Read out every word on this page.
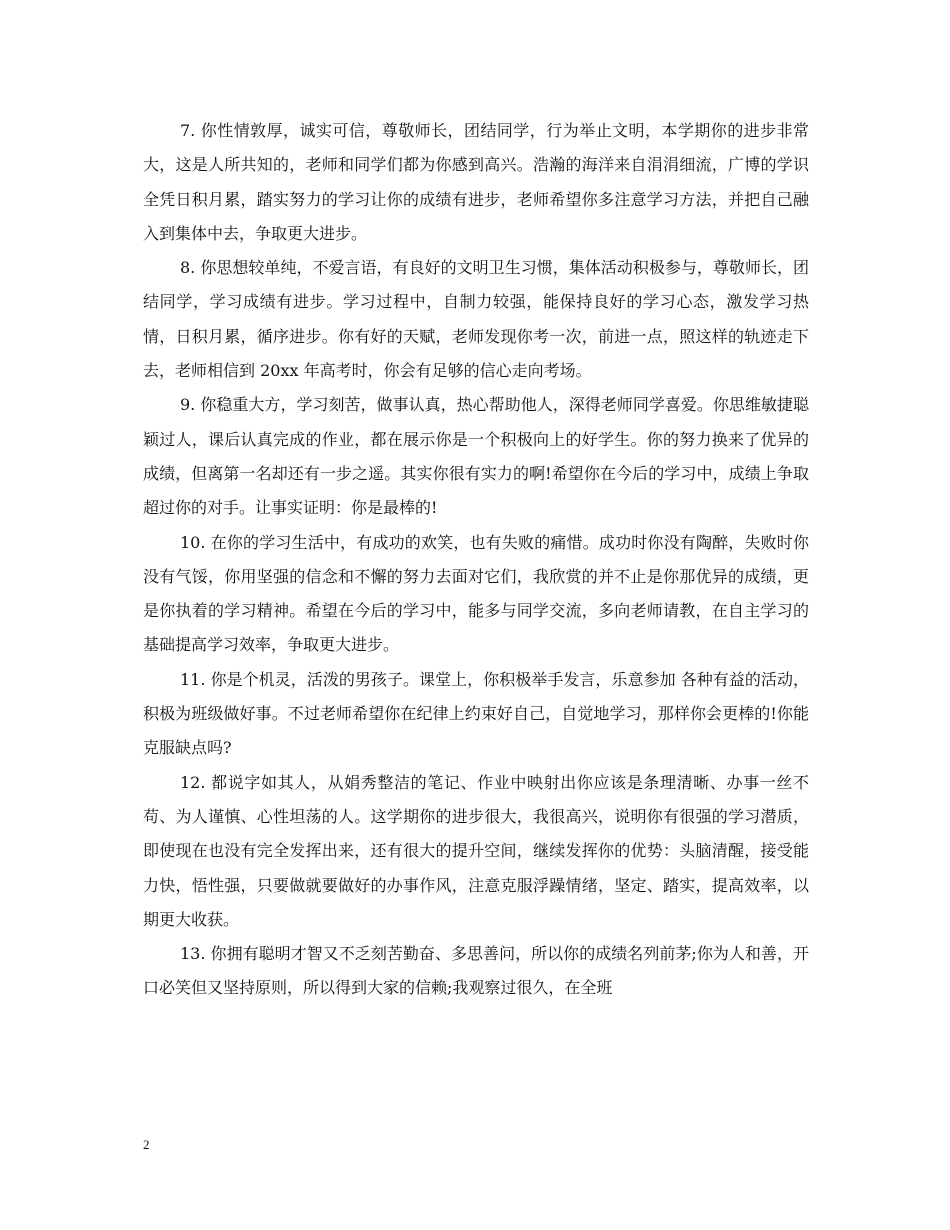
7. 你性情敦厚，诚实可信，尊敬师长，团结同学，行为举止文明，本学期你的进步非常大，这是人所共知的，老师和同学们都为你感到高兴。浩瀚的海洋来自涓涓细流，广博的学识全凭日积月累，踏实努力的学习让你的成绩有进步，老师希望你多注意学习方法，并把自己融入到集体中去，争取更大进步。

8. 你思想较单纯，不爱言语，有良好的文明卫生习惯，集体活动积极参与，尊敬师长，团结同学，学习成绩有进步。学习过程中，自制力较强，能保持良好的学习心态，激发学习热情，日积月累，循序进步。你有好的天赋，老师发现你考一次，前进一点，照这样的轨迹走下去，老师相信到 20xx 年高考时，你会有足够的信心走向考场。

9. 你稳重大方，学习刻苦，做事认真，热心帮助他人，深得老师同学喜爱。你思维敏捷聪颖过人，课后认真完成的作业，都在展示你是一个积极向上的好学生。你的努力换来了优异的成绩，但离第一名却还有一步之遥。其实你很有实力的啊!希望你在今后的学习中，成绩上争取超过你的对手。让事实证明：你是最棒的!

10. 在你的学习生活中，有成功的欢笑，也有失败的痛惜。成功时你没有陶醉，失败时你没有气馁，你用坚强的信念和不懈的努力去面对它们，我欣赏的并不止是你那优异的成绩，更是你执着的学习精神。希望在今后的学习中，能多与同学交流，多向老师请教，在自主学习的基础提高学习效率，争取更大进步。

11. 你是个机灵，活泼的男孩子。课堂上，你积极举手发言，乐意参加 各种有益的活动，积极为班级做好事。不过老师希望你在纪律上约束好自己，自觉地学习，那样你会更棒的!你能克服缺点吗?

12. 都说字如其人，从娟秀整洁的笔记、作业中映射出你应该是条理清晰、办事一丝不苟、为人谨慎、心性坦荡的人。这学期你的进步很大，我很高兴，说明你有很强的学习潜质，即使现在也没有完全发挥出来，还有很大的提升空间，继续发挥你的优势：头脑清醒，接受能力快，悟性强，只要做就要做好的办事作风，注意克服浮躁情绪，坚定、踏实，提高效率，以期更大收获。

13. 你拥有聪明才智又不乏刻苦勤奋、多思善问，所以你的成绩名列前茅;你为人和善，开口必笑但又坚持原则，所以得到大家的信赖;我观察过很久，在全班

2
